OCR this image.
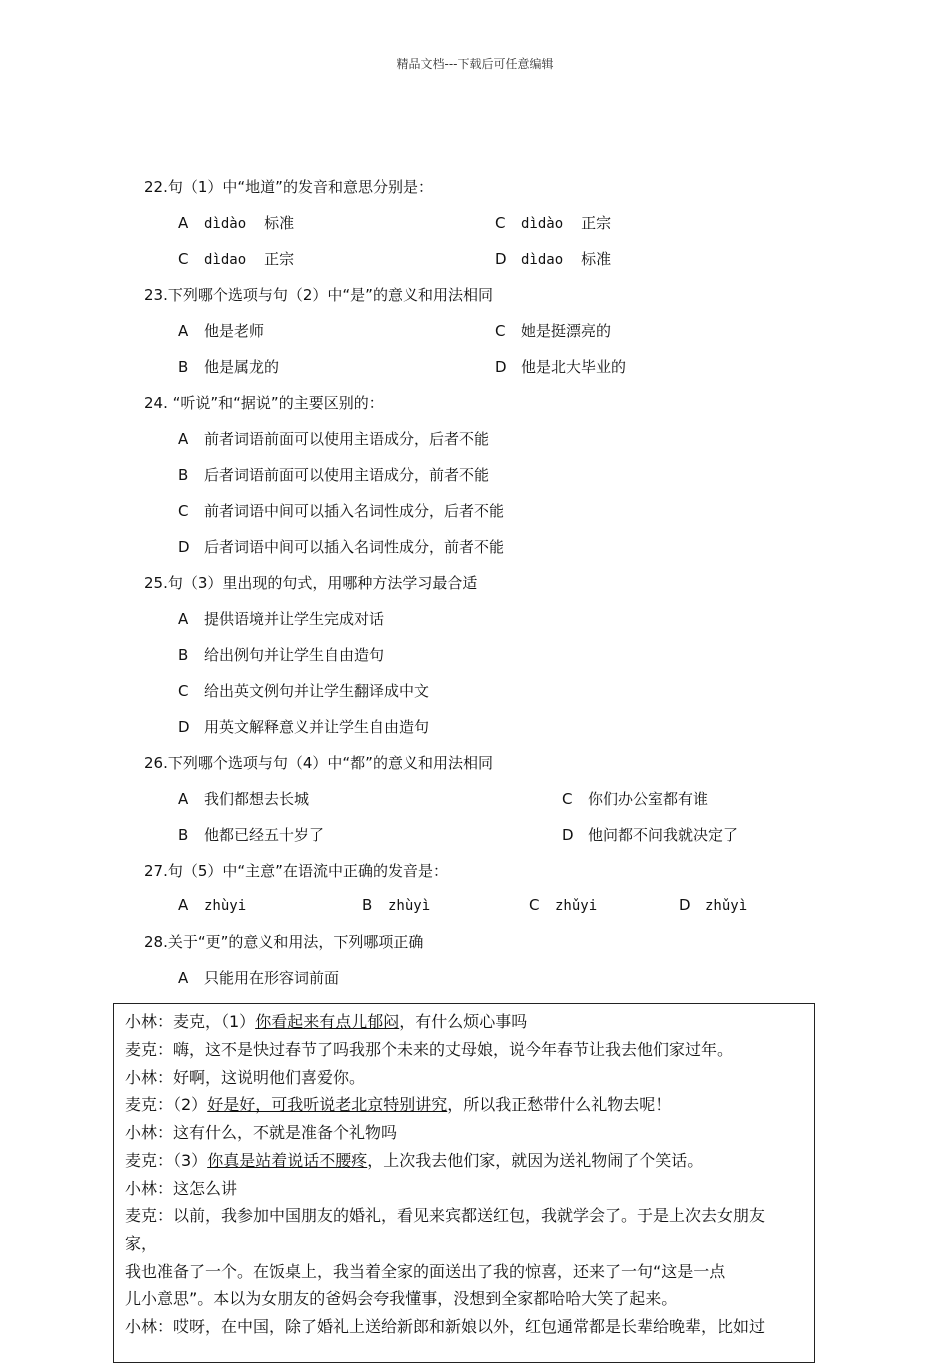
精品文档---下载后可任意编辑
22.句（1）中“地道”的发音和意思分别是：
A dìdào 标准	C dìdào 正宗
C dìdao 正宗	D dìdao 标准
23.下列哪个选项与句（2）中“是”的意义和用法相同
A 他是老师	C 她是挺漂亮的
B 他是属龙的	D 他是北大毕业的
24. “听说”和“据说”的主要区别的：
A 前者词语前面可以使用主语成分，后者不能
B 后者词语前面可以使用主语成分，前者不能
C 前者词语中间可以插入名词性成分，后者不能
D 后者词语中间可以插入名词性成分，前者不能
25.句（3）里出现的句式，用哪种方法学习最合适
A 提供语境并让学生完成对话
B 给出例句并让学生自由造句
C 给出英文例句并让学生翻译成中文
D 用英文解释意义并让学生自由造句
26.下列哪个选项与句（4）中“都”的意义和用法相同
A 我们都想去长城	C 你们办公室都有谁
B 他都已经五十岁了	D 他问都不问我就决定了
27.句（5）中“主意”在语流中正确的发音是：
A zhùyi	B zhùyì	C zhǔyi	D zhǔyì
28.关于“更”的意义和用法，下列哪项正确
A 只能用在形容词前面
小林：麦克，（1）你看起来有点儿郁闷，有什么烦心事吗
麦克：嗨，这不是快过春节了吗我那个未来的丈母娘，说今年春节让我去他们家过年。
小林：好啊，这说明他们喜爱你。
麦克：（2）好是好，可我听说老北京特别讲究，所以我正愁带什么礼物去呢！
小林：这有什么，不就是准备个礼物吗
麦克：（3）你真是站着说话不腰疼，上次我去他们家，就因为送礼物闹了个笑话。
小林：这怎么讲
麦克：以前，我参加中国朋友的婚礼，看见来宾都送红包，我就学会了。于是上次去女朋友
家，
我也准备了一个。在饭桌上，我当着全家的面送出了我的惊喜，还来了一句“这是一点
儿小意思”。本以为女朋友的爸妈会夸我懂事，没想到全家都哈哈大笑了起来。
小林：哎呀，在中国，除了婚礼上送给新郎和新娘以外，红包通常都是长辈给晚辈，比如过
